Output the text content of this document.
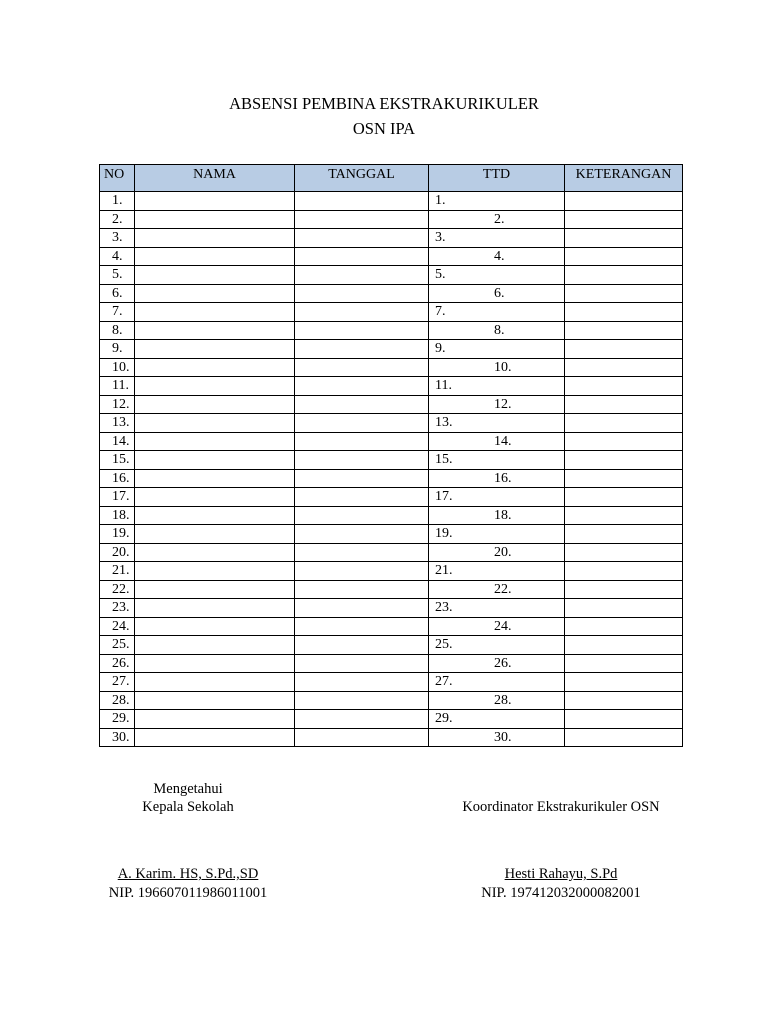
ABSENSI PEMBINA EKSTRAKURIKULER
OSN IPA
NO	NAMA	TANGGAL	TTD	KETERANGAN
1.			1.	
2.			2.	
3.			3.	
4.			4.	
5.			5.	
6.			6.	
7.			7.	
8.			8.	
9.			9.	
10.			10.	
11.			11.	
12.			12.	
13.			13.	
14.			14.	
15.			15.	
16.			16.	
17.			17.	
18.			18.	
19.			19.	
20.			20.	
21.			21.	
22.			22.	
23.			23.	
24.			24.	
25.			25.	
26.			26.	
27.			27.	
28.			28.	
29.			29.	
30.			30.	
Mengetahui
Kepala Sekolah	Koordinator Ekstrakurikuler OSN
A. Karim. HS, S.Pd.,SD
NIP. 196607011986011001
Hesti Rahayu, S.Pd
NIP. 197412032000082001
